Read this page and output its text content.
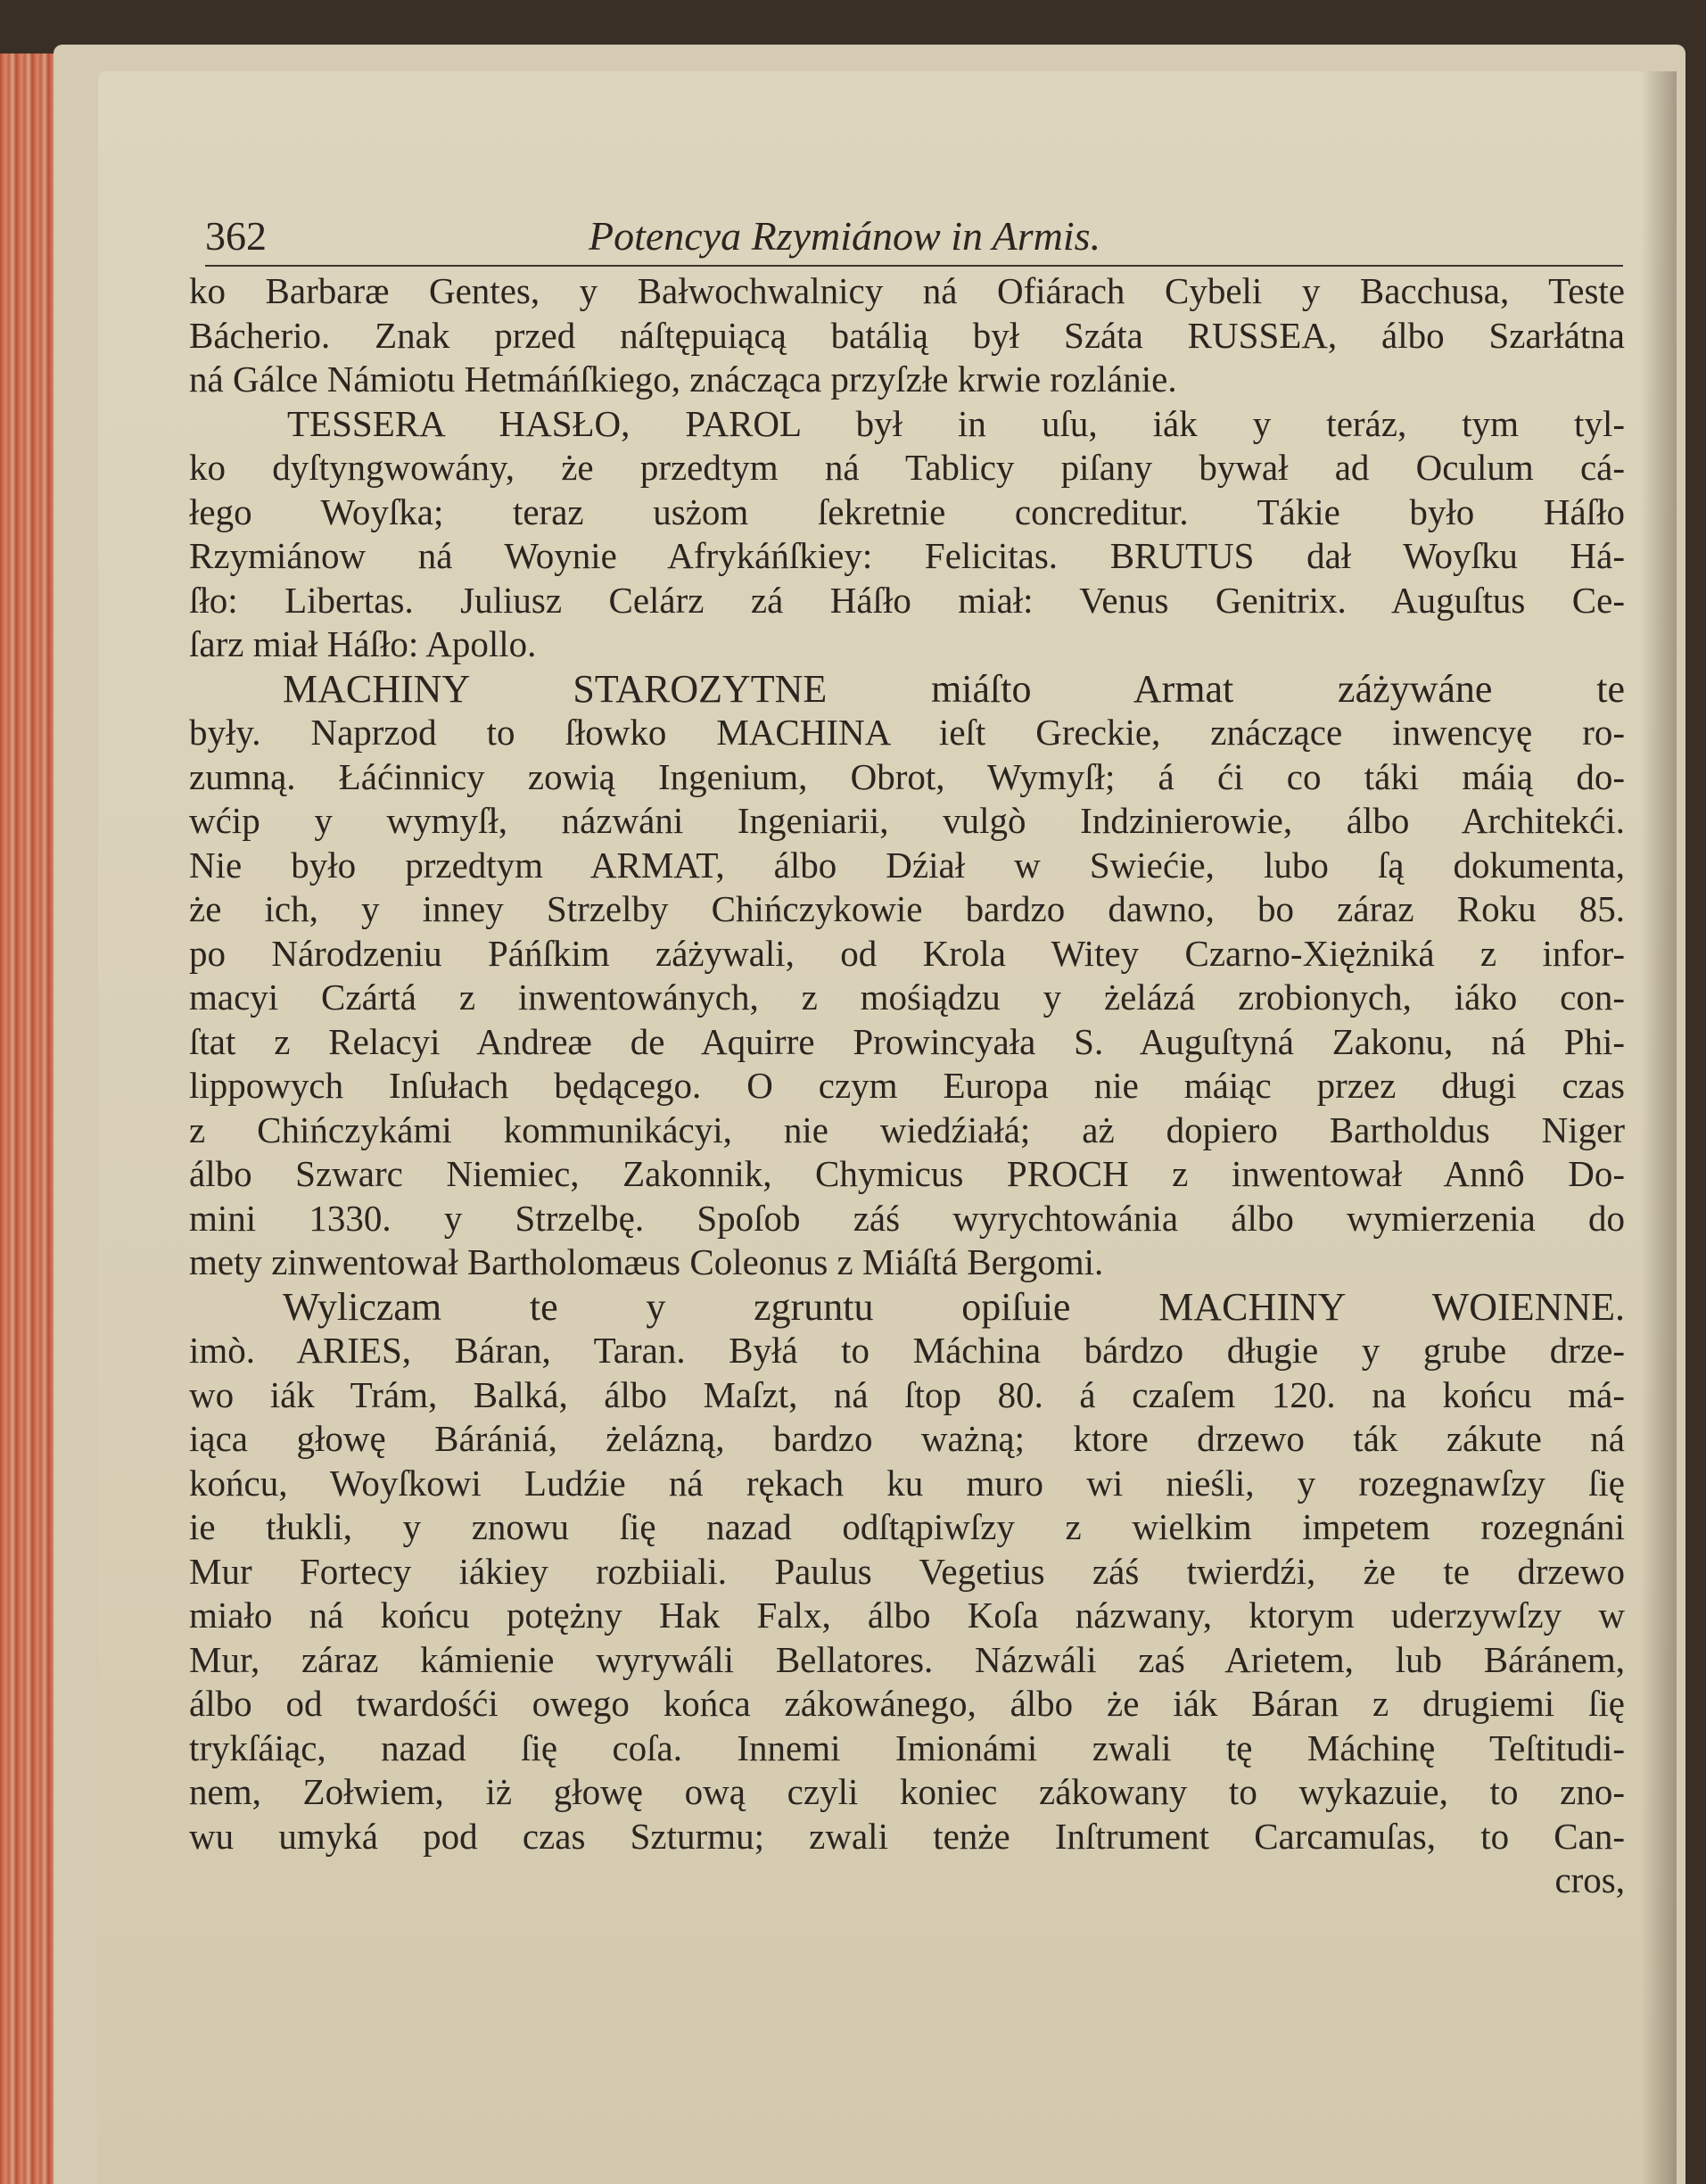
362	Potencya Rzymiánow in Armis.
ko Barbaræ Gentes, y Bałwochwalnicy ná Ofiárach Cybeli y Bacchusa, Teste
Bácherio. Znak przed náſtępuiącą batálią był Száta RUSSEA, álbo Szarłátna
ná Gálce Námiotu Hetmáńſkiego, znácząca przyſzłe krwie rozlánie.
TESSERA HASŁO, PAROL był in uſu, iák y teráz, tym tyl-
ko dyſtyngwowány, że przedtym ná Tablicy piſany bywał ad Oculum cá-
łego Woyſka; teraz usżom ſekretnie concreditur. Tákie było Háſło
Rzymiánow ná Woynie Afrykáńſkiey: Felicitas. BRUTUS dał Woyſku Há-
ſło: Libertas. Juliusz Celárz zá Háſło miał: Venus Genitrix. Auguſtus Ce-
ſarz miał Háſło: Apollo.
MACHINY STAROZYTNE miáſto Armat záżywáne te
były. Naprzod to ſłowko MACHINA ieſt Greckie, znáczące inwencyę ro-
zumną. Łáćinnicy zowią Ingenium, Obrot, Wymyſł; á ći co táki máią do-
wćip y wymyſł, názwáni Ingeniarii, vulgò Indzinierowie, álbo Architekći.
Nie było przedtym ARMAT, álbo Dźiał w Swiećie, lubo ſą dokumenta,
że ich, y inney Strzelby Chińczykowie bardzo dawno, bo záraz Roku 85.
po Národzeniu Páńſkim záżywali, od Krola Witey Czarno-Xiężniká z infor-
macyi Czártá z inwentowánych, z mośiądzu y żelázá zrobionych, iáko con-
ſtat z Relacyi Andreæ de Aquirre Prowincyała S. Auguſtyná Zakonu, ná Phi-
lippowych Inſułach będącego. O czym Europa nie máiąc przez długi czas
z Chińczykámi kommunikácyi, nie wiedźiałá; aż dopiero Bartholdus Niger
álbo Szwarc Niemiec, Zakonnik, Chymicus PROCH z inwentował Annô Do-
mini 1330. y Strzelbę. Spoſob záś wyrychtowánia álbo wymierzenia do
mety zinwentował Bartholomæus Coleonus z Miáſtá Bergomi.
Wyliczam te y zgruntu opiſuie MACHINY WOIENNE.
imò. ARIES, Báran, Taran. Byłá to Máchina bárdzo długie y grube drze-
wo iák Trám, Balká, álbo Maſzt, ná ſtop 80. á czaſem 120. na końcu má-
iąca głowę Bárániá, żelázną, bardzo ważną; ktore drzewo ták zákute ná
końcu, Woyſkowi Ludźie ná rękach ku muro wi nieśli, y rozegnawſzy ſię
ie tłukli, y znowu ſię nazad odſtąpiwſzy z wielkim impetem rozegnáni
Mur Fortecy iákiey rozbiiali. Paulus Vegetius záś twierdźi, że te drzewo
miało ná końcu potężny Hak Falx, álbo Koſa názwany, ktorym uderzywſzy w
Mur, záraz kámienie wyrywáli Bellatores. Názwáli zaś Arietem, lub Báránem,
álbo od twardośći owego końca zákowánego, álbo że iák Báran z drugiemi ſię
trykſáiąc, nazad ſię coſa. Innemi Imionámi zwali tę Máchinę Teſtitudi-
nem, Zołwiem, iż głowę ową czyli koniec zákowany to wykazuie, to zno-
wu umyká pod czas Szturmu; zwali tenże Inſtrument Carcamuſas, to Can-
cros,
